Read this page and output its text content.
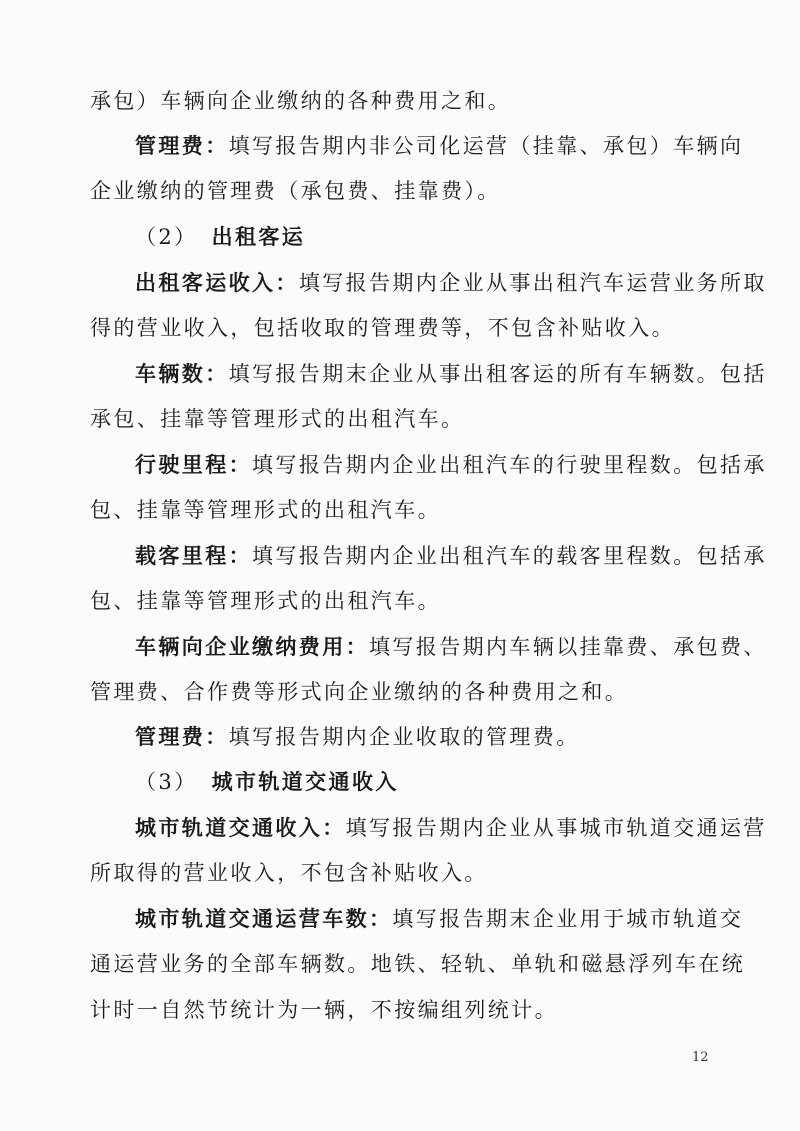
承包）车辆向企业缴纳的各种费用之和。
管理费：填写报告期内非公司化运营（挂靠、承包）车辆向
企业缴纳的管理费（承包费、挂靠费）。
（2） 出租客运
出租客运收入：填写报告期内企业从事出租汽车运营业务所取
得的营业收入，包括收取的管理费等，不包含补贴收入。
车辆数：填写报告期末企业从事出租客运的所有车辆数。包括
承包、挂靠等管理形式的出租汽车。
行驶里程：填写报告期内企业出租汽车的行驶里程数。包括承
包、挂靠等管理形式的出租汽车。
载客里程：填写报告期内企业出租汽车的载客里程数。包括承
包、挂靠等管理形式的出租汽车。
车辆向企业缴纳费用：填写报告期内车辆以挂靠费、承包费、
管理费、合作费等形式向企业缴纳的各种费用之和。
管理费：填写报告期内企业收取的管理费。
（3） 城市轨道交通收入
城市轨道交通收入：填写报告期内企业从事城市轨道交通运营
所取得的营业收入，不包含补贴收入。
城市轨道交通运营车数：填写报告期末企业用于城市轨道交
通运营业务的全部车辆数。地铁、轻轨、单轨和磁悬浮列车在统
计时一自然节统计为一辆，不按编组列统计。
12
